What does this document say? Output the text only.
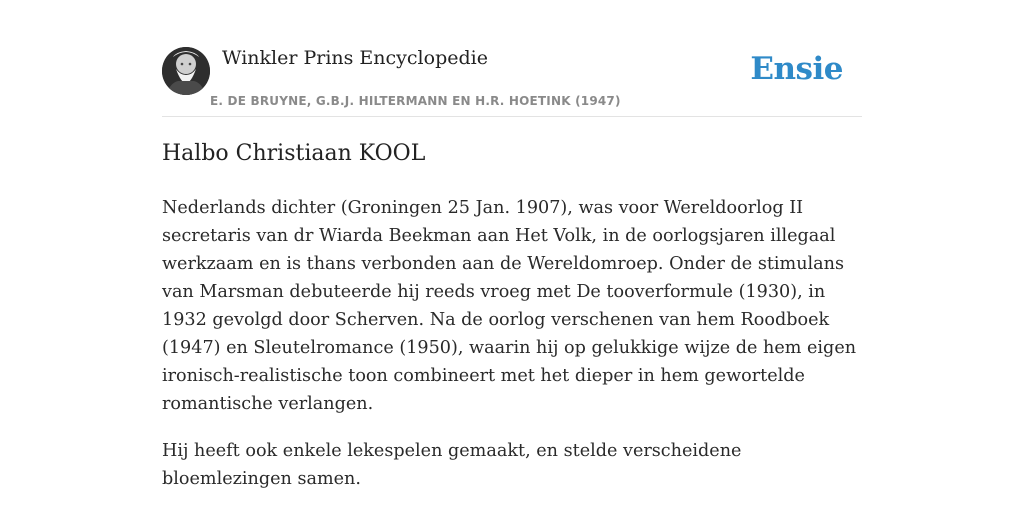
Winkler Prins Encyclopedie
E. DE BRUYNE, G.B.J. HILTERMANN EN H.R. HOETINK (1947)
Ensie
Halbo Christiaan KOOL

Nederlands dichter (Groningen 25 Jan. 1907), was voor Wereldoorlog II secretaris van dr Wiarda Beekman aan Het Volk, in de oorlogsjaren illegaal werkzaam en is thans verbonden aan de Wereldomroep. Onder de stimulans van Marsman debuteerde hij reeds vroeg met De tooverformule (1930), in 1932 gevolgd door Scherven. Na de oorlog verschenen van hem Roodboek (1947) en Sleutelromance (1950), waarin hij op gelukkige wijze de hem eigen ironisch-realistische toon combineert met het dieper in hem gewortelde romantische verlangen.

Hij heeft ook enkele lekespelen gemaakt, en stelde verscheidene bloemlezingen samen.
